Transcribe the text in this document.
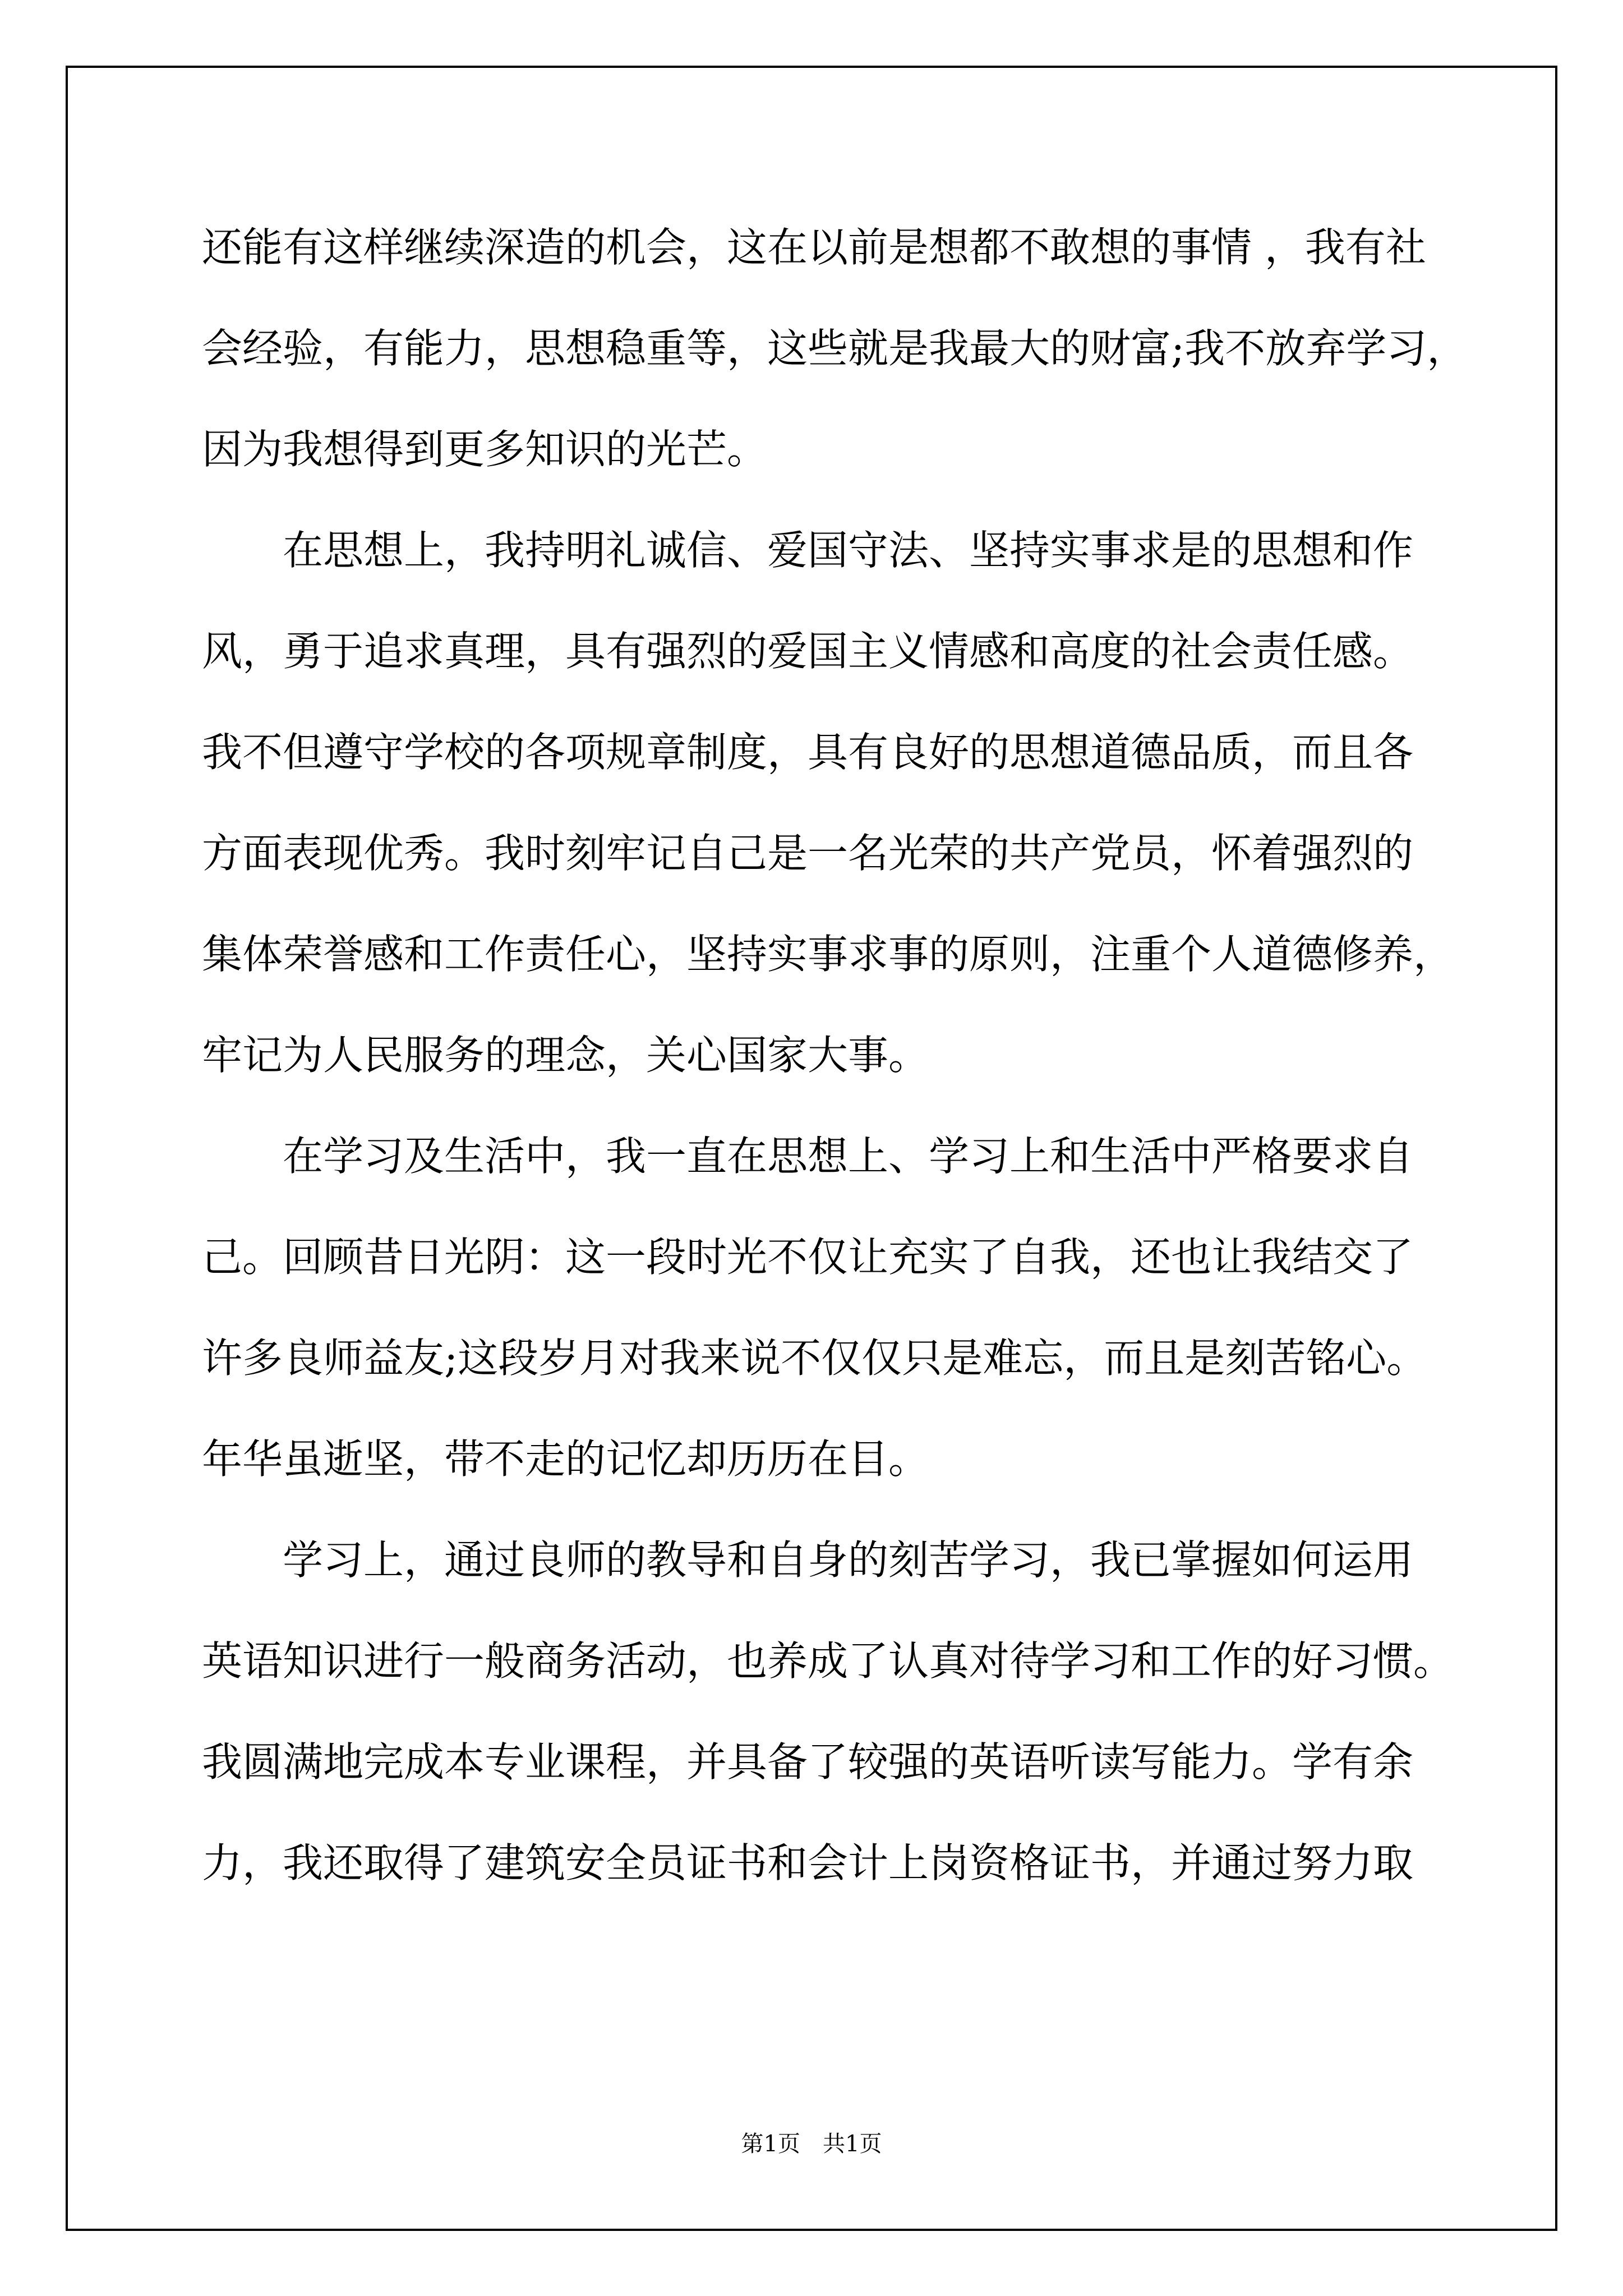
还能有这样继续深造的机会，这在以前是想都不敢想的事情 ，我有社

会经验，有能力，思想稳重等，这些就是我最大的财富;我不放弃学习，

因为我想得到更多知识的光芒。

　　在思想上，我持明礼诚信、爱国守法、坚持实事求是的思想和作

风，勇于追求真理，具有强烈的爱国主义情感和高度的社会责任感。

我不但遵守学校的各项规章制度，具有良好的思想道德品质，而且各

方面表现优秀。我时刻牢记自己是一名光荣的共产党员，怀着强烈的

集体荣誉感和工作责任心，坚持实事求事的原则，注重个人道德修养，

牢记为人民服务的理念，关心国家大事。

　　在学习及生活中，我一直在思想上、学习上和生活中严格要求自

己。回顾昔日光阴：这一段时光不仅让充实了自我，还也让我结交了

许多良师益友;这段岁月对我来说不仅仅只是难忘，而且是刻苦铭心。

年华虽逝坚，带不走的记忆却历历在目。

　　学习上，通过良师的教导和自身的刻苦学习，我已掌握如何运用

英语知识进行一般商务活动，也养成了认真对待学习和工作的好习惯。

我圆满地完成本专业课程，并具备了较强的英语听读写能力。学有余

力，我还取得了建筑安全员证书和会计上岗资格证书，并通过努力取

第1页　共1页
